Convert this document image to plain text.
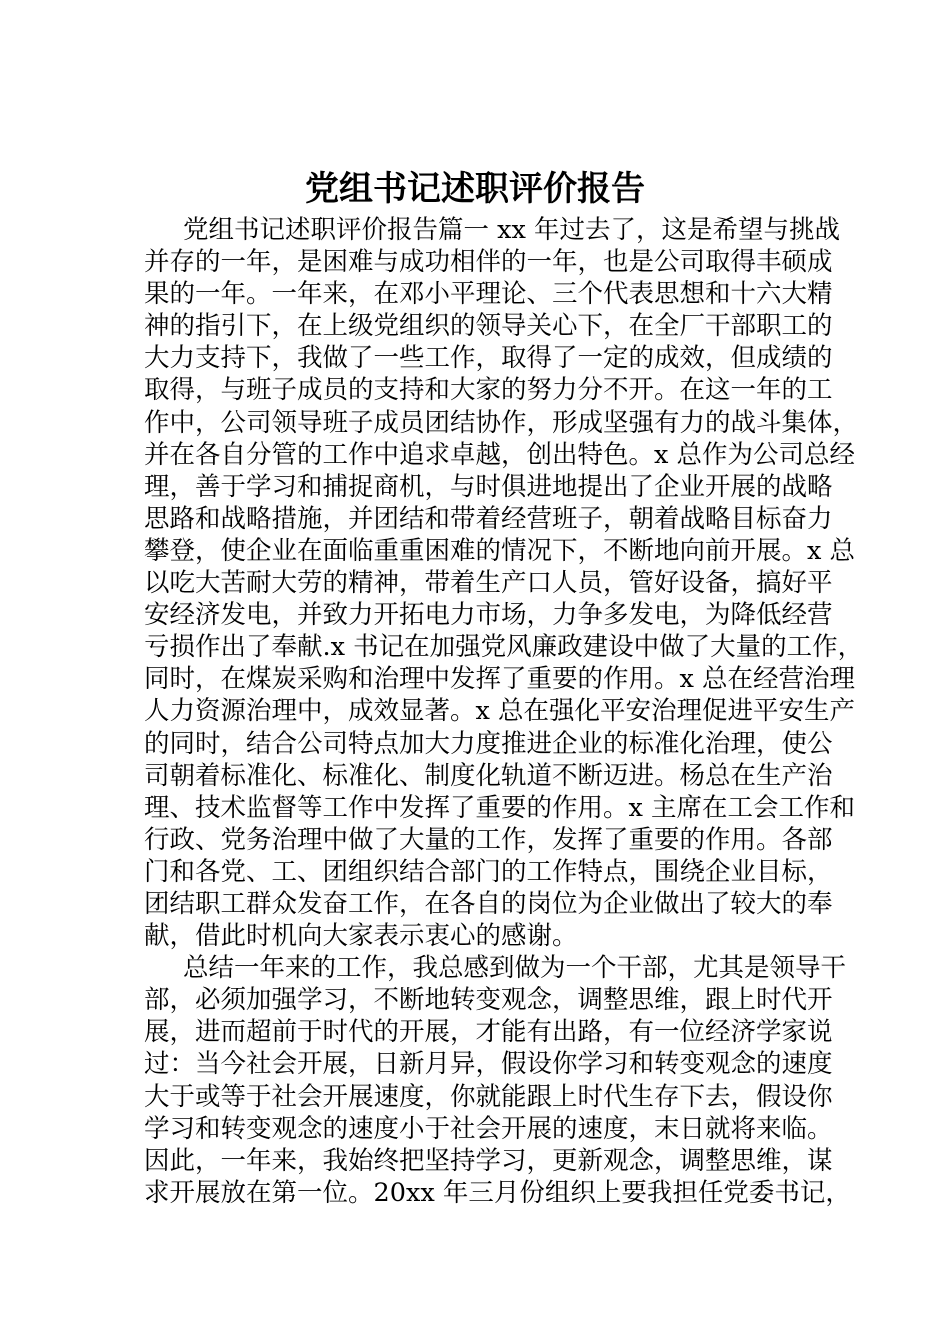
党组书记述职评价报告
党组书记述职评价报告篇一 xx 年过去了，这是希望与挑战
并存的一年，是困难与成功相伴的一年，也是公司取得丰硕成
果的一年。一年来，在邓小平理论、三个代表思想和十六大精
神的指引下，在上级党组织的领导关心下，在全厂干部职工的
大力支持下，我做了一些工作，取得了一定的成效，但成绩的
取得，与班子成员的支持和大家的努力分不开。在这一年的工
作中，公司领导班子成员团结协作，形成坚强有力的战斗集体，
并在各自分管的工作中追求卓越，创出特色。x 总作为公司总经
理，善于学习和捕捉商机，与时俱进地提出了企业开展的战略
思路和战略措施，并团结和带着经营班子，朝着战略目标奋力
攀登，使企业在面临重重困难的情况下，不断地向前开展。x 总
以吃大苦耐大劳的精神，带着生产口人员，管好设备，搞好平
安经济发电，并致力开拓电力市场，力争多发电，为降低经营
亏损作出了奉献.x 书记在加强党风廉政建设中做了大量的工作，
同时，在煤炭采购和治理中发挥了重要的作用。x 总在经营治理
人力资源治理中，成效显著。x 总在强化平安治理促进平安生产
的同时，结合公司特点加大力度推进企业的标准化治理，使公
司朝着标准化、标准化、制度化轨道不断迈进。杨总在生产治
理、技术监督等工作中发挥了重要的作用。x 主席在工会工作和
行政、党务治理中做了大量的工作，发挥了重要的作用。各部
门和各党、工、团组织结合部门的工作特点，围绕企业目标，
团结职工群众发奋工作，在各自的岗位为企业做出了较大的奉
献，借此时机向大家表示衷心的感谢。
总结一年来的工作，我总感到做为一个干部，尤其是领导干
部，必须加强学习，不断地转变观念，调整思维，跟上时代开
展，进而超前于时代的开展，才能有出路，有一位经济学家说
过：当今社会开展，日新月异，假设你学习和转变观念的速度
大于或等于社会开展速度，你就能跟上时代生存下去，假设你
学习和转变观念的速度小于社会开展的速度，末日就将来临。
因此，一年来，我始终把坚持学习，更新观念，调整思维，谋
求开展放在第一位。20xx 年三月份组织上要我担任党委书记，
